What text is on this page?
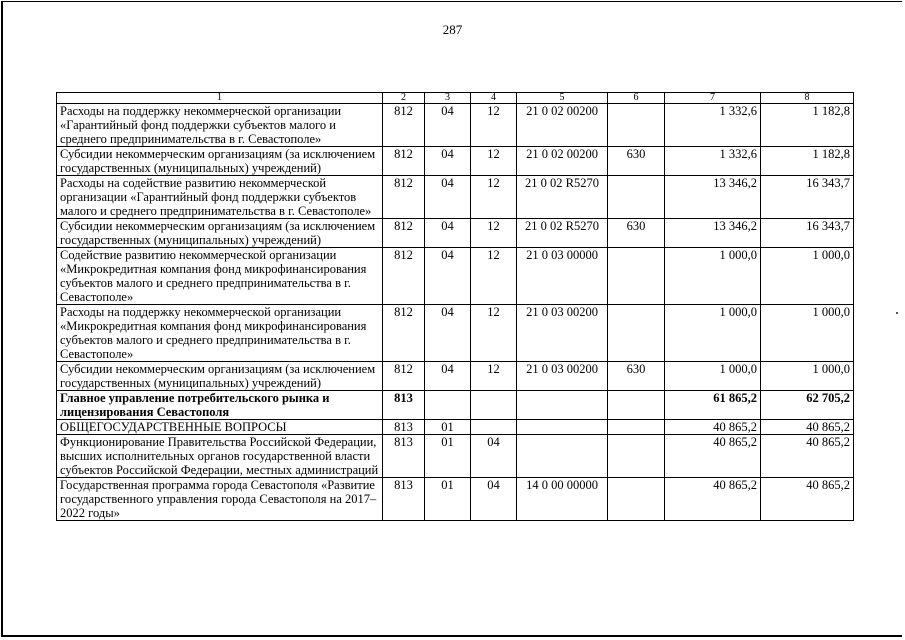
287
1	2	3	4	5	6	7	8
Расходы на поддержку некоммерческой организации «Гарантийный фонд поддержки субъектов малого и среднего предпринимательства в г. Севастополе»	812	04	12	21 0 02 00200		1 332,6	1 182,8
Субсидии некоммерческим организациям (за исключением государственных (муниципальных) учреждений)	812	04	12	21 0 02 00200	630	1 332,6	1 182,8
Расходы на содействие развитию некоммерческой организации «Гарантийный фонд поддержки субъектов малого и среднего предпринимательства в г. Севастополе»	812	04	12	21 0 02 R5270		13 346,2	16 343,7
Субсидии некоммерческим организациям (за исключением государственных (муниципальных) учреждений)	812	04	12	21 0 02 R5270	630	13 346,2	16 343,7
Содействие развитию некоммерческой организации «Микрокредитная компания фонд микрофинансирования субъектов малого и среднего предпринимательства в г. Севастополе»	812	04	12	21 0 03 00000		1 000,0	1 000,0
Расходы на поддержку некоммерческой организации «Микрокредитная компания фонд микрофинансирования субъектов малого и среднего предпринимательства в г. Севастополе»	812	04	12	21 0 03 00200		1 000,0	1 000,0
Субсидии некоммерческим организациям (за исключением государственных (муниципальных) учреждений)	812	04	12	21 0 03 00200	630	1 000,0	1 000,0
Главное управление потребительского рынка и лицензирования Севастополя	813					61 865,2	62 705,2
ОБЩЕГОСУДАРСТВЕННЫЕ ВОПРОСЫ	813	01				40 865,2	40 865,2
Функционирование Правительства Российской Федерации, высших исполнительных органов государственной власти субъектов Российской Федерации, местных администраций	813	01	04			40 865,2	40 865,2
Государственная программа города Севастополя «Развитие государственного управления города Севастополя на 2017–2022 годы»	813	01	04	14 0 00 00000		40 865,2	40 865,2
